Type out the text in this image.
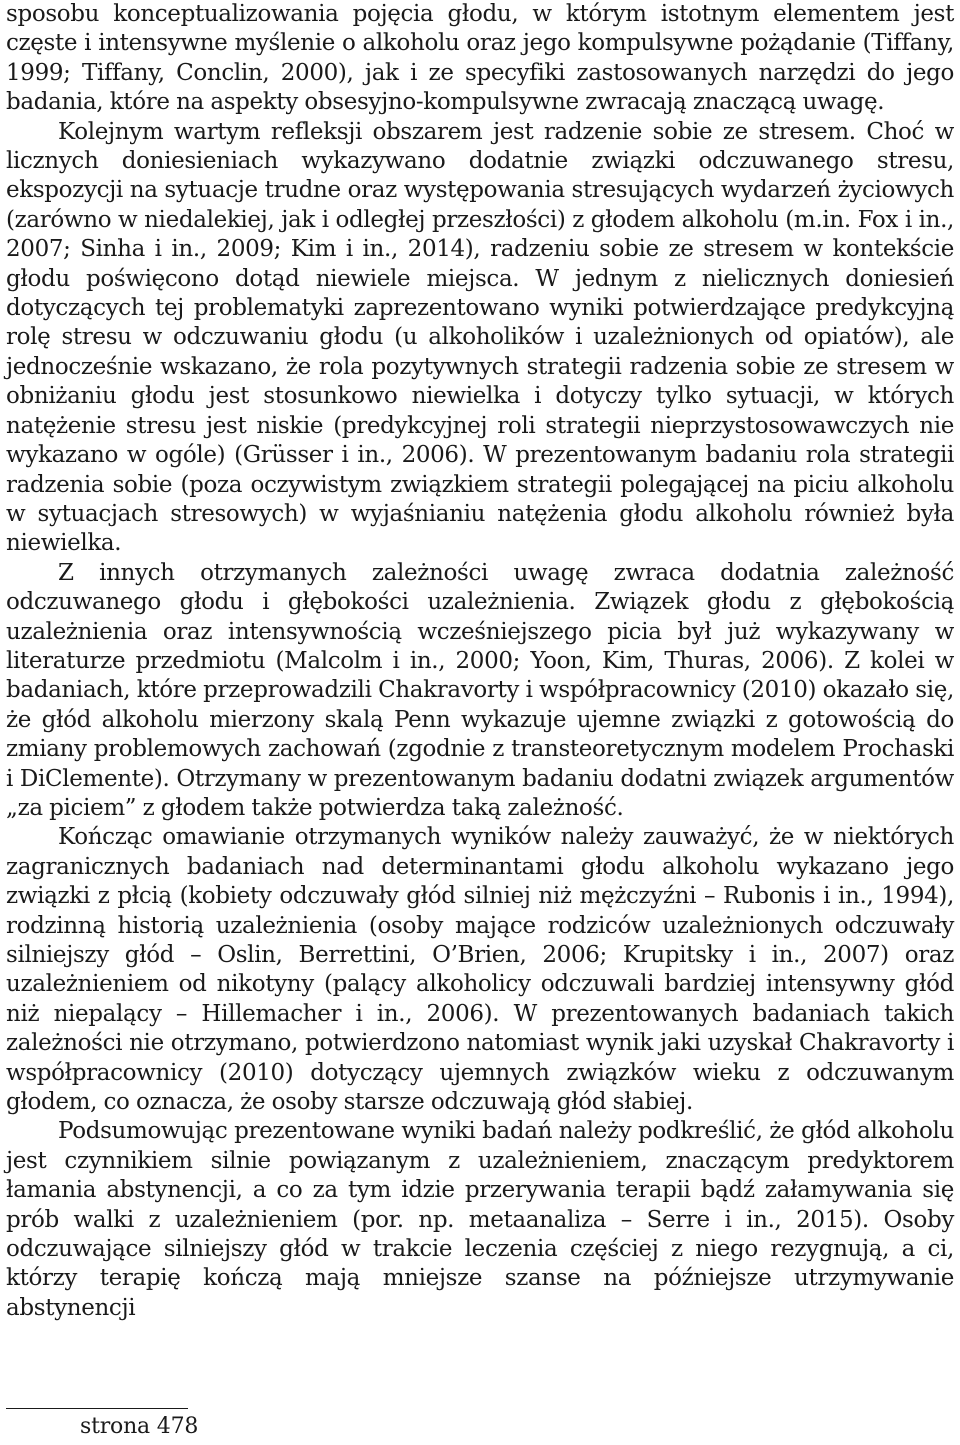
sposobu konceptualizowania pojęcia głodu, w którym istotnym elementem jest częste i intensywne myślenie o alkoholu oraz jego kompulsywne pożądanie (Tiffany, 1999; Tiffany, Conclin, 2000), jak i ze specyfiki zastosowanych narzędzi do jego badania, które na aspekty obsesyjno-kompulsywne zwracają znaczącą uwagę.

Kolejnym wartym refleksji obszarem jest radzenie sobie ze stresem. Choć w licznych doniesieniach wykazywano dodatnie związki odczuwanego stresu, ekspozycji na sytuacje trudne oraz występowania stresujących wydarzeń życiowych (zarówno w niedalekiej, jak i odległej przeszłości) z głodem alkoholu (m.in. Fox i in., 2007; Sinha i in., 2009; Kim i in., 2014), radzeniu sobie ze stresem w kontekście głodu poświęcono dotąd niewiele miejsca. W jednym z nielicznych doniesień dotyczących tej problematyki zaprezentowano wyniki potwierdzające predykcyjną rolę stresu w odczuwaniu głodu (u alkoholików i uzależnionych od opiatów), ale jednocześnie wskazano, że rola pozytywnych strategii radzenia sobie ze stresem w obniżaniu głodu jest stosunkowo niewielka i dotyczy tylko sytuacji, w których natężenie stresu jest niskie (predykcyjnej roli strategii nieprzystosowawczych nie wykazano w ogóle) (Grüsser i in., 2006). W prezentowanym badaniu rola strategii radzenia sobie (poza oczywistym związkiem strategii polegającej na piciu alkoholu w sytuacjach stresowych) w wyjaśnianiu natężenia głodu alkoholu również była niewielka.

Z innych otrzymanych zależności uwagę zwraca dodatnia zależność odczuwanego głodu i głębokości uzależnienia. Związek głodu z głębokością uzależnienia oraz intensywnością wcześniejszego picia był już wykazywany w literaturze przedmiotu (Malcolm i in., 2000; Yoon, Kim, Thuras, 2006). Z kolei w badaniach, które przeprowadzili Chakravorty i współpracownicy (2010) okazało się, że głód alkoholu mierzony skalą Penn wykazuje ujemne związki z gotowością do zmiany problemowych zachowań (zgodnie z transteoretycznym modelem Prochaski i DiClemente). Otrzymany w prezentowanym badaniu dodatni związek argumentów „za piciem” z głodem także potwierdza taką zależność.

Kończąc omawianie otrzymanych wyników należy zauważyć, że w niektórych zagranicznych badaniach nad determinantami głodu alkoholu wykazano jego związki z płcią (kobiety odczuwały głód silniej niż mężczyźni – Rubonis i in., 1994), rodzinną historią uzależnienia (osoby mające rodziców uzależnionych odczuwały silniejszy głód – Oslin, Berrettini, O’Brien, 2006; Krupitsky i in., 2007) oraz uzależnieniem od nikotyny (palący alkoholicy odczuwali bardziej intensywny głód niż niepalący – Hillemacher i in., 2006). W prezentowanych badaniach takich zależności nie otrzymano, potwierdzono natomiast wynik jaki uzyskał Chakravorty i współpracownicy (2010) dotyczący ujemnych związków wieku z odczuwanym głodem, co oznacza, że osoby starsze odczuwają głód słabiej.

Podsumowując prezentowane wyniki badań należy podkreślić, że głód alkoholu jest czynnikiem silnie powiązanym z uzależnieniem, znaczącym predyktorem łamania abstynencji, a co za tym idzie przerywania terapii bądź załamywania się prób walki z uzależnieniem (por. np. metaanaliza – Serre i in., 2015). Osoby odczuwające silniejszy głód w trakcie leczenia częściej z niego rezygnują, a ci, którzy terapię kończą mają mniejsze szanse na późniejsze utrzymywanie abstynencji

strona 478
